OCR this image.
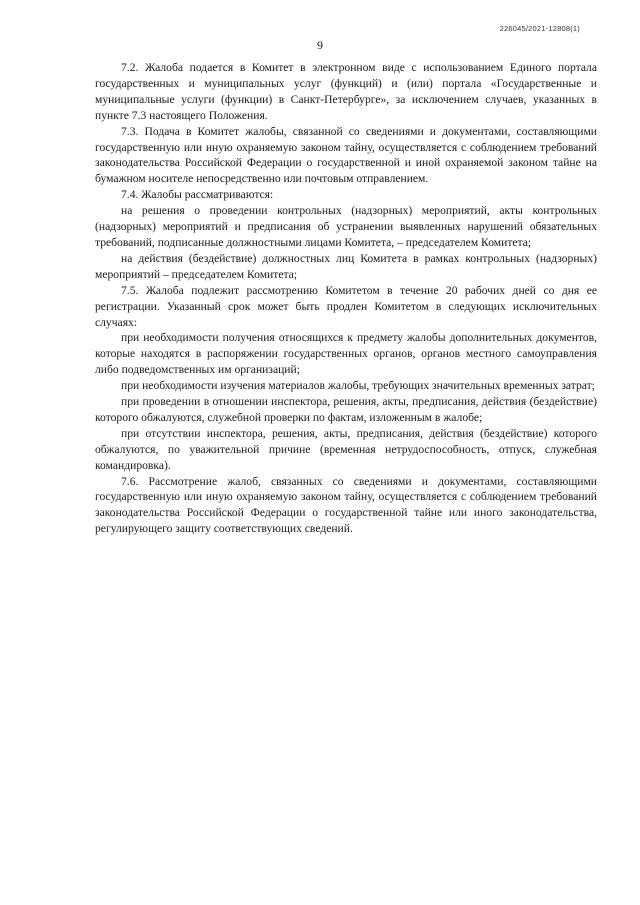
226045/2021-12808(1)
9

7.2. Жалоба подается в Комитет в электронном виде с использованием Единого портала государственных и муниципальных услуг (функций) и (или) портала «Государственные и муниципальные услуги (функции) в Санкт-Петербурге», за исключением случаев, указанных в пункте 7.3 настоящего Положения.

7.3. Подача в Комитет жалобы, связанной со сведениями и документами, составляющими государственную или иную охраняемую законом тайну, осуществляется с соблюдением требований законодательства Российской Федерации о государственной и иной охраняемой законом тайне на бумажном носителе непосредственно или почтовым отправлением.

7.4. Жалобы рассматриваются:

на решения о проведении контрольных (надзорных) мероприятий, акты контрольных (надзорных) мероприятий и предписания об устранении выявленных нарушений обязательных требований, подписанные должностными лицами Комитета, – председателем Комитета;

на действия (бездействие) должностных лиц Комитета в рамках контрольных (надзорных) мероприятий – председателем Комитета;

7.5. Жалоба подлежит рассмотрению Комитетом в течение 20 рабочих дней со дня ее регистрации. Указанный срок может быть продлен Комитетом в следующих исключительных случаях:

при необходимости получения относящихся к предмету жалобы дополнительных документов, которые находятся в распоряжении государственных органов, органов местного самоуправления либо подведомственных им организаций;

при необходимости изучения материалов жалобы, требующих значительных временных затрат;

при проведении в отношении инспектора, решения, акты, предписания, действия (бездействие) которого обжалуются, служебной проверки по фактам, изложенным в жалобе;

при отсутствии инспектора, решения, акты, предписания, действия (бездействие) которого обжалуются, по уважительной причине (временная нетрудоспособность, отпуск, служебная командировка).

7.6. Рассмотрение жалоб, связанных со сведениями и документами, составляющими государственную или иную охраняемую законом тайну, осуществляется с соблюдением требований законодательства Российской Федерации о государственной тайне или иного законодательства, регулирующего защиту соответствующих сведений.
